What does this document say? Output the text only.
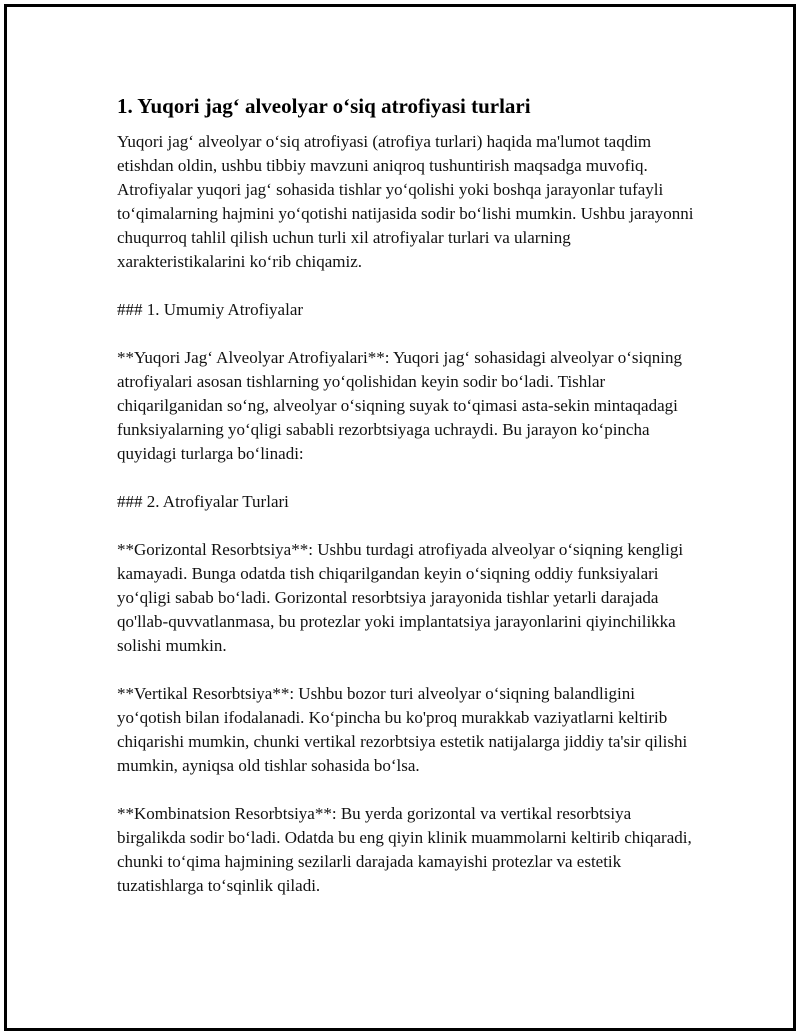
1. Yuqori jag‘ alveolyar o‘siq atrofiyasi turlari

Yuqori jag‘ alveolyar o‘siq atrofiyasi (atrofiya turlari) haqida ma'lumot taqdim etishdan oldin, ushbu tibbiy mavzuni aniqroq tushuntirish maqsadga muvofiq. Atrofiyalar yuqori jag‘ sohasida tishlar yo‘qolishi yoki boshqa jarayonlar tufayli to‘qimalarning hajmini yo‘qotishi natijasida sodir bo‘lishi mumkin. Ushbu jarayonni chuqurroq tahlil qilish uchun turli xil atrofiyalar turlari va ularning xarakteristikalarini ko‘rib chiqamiz.

### 1. Umumiy Atrofiyalar

**Yuqori Jag‘ Alveolyar Atrofiyalari**: Yuqori jag‘ sohasidagi alveolyar o‘siqning atrofiyalari asosan tishlarning yo‘qolishidan keyin sodir bo‘ladi. Tishlar chiqarilganidan so‘ng, alveolyar o‘siqning suyak to‘qimasi asta-sekin mintaqadagi funksiyalarning yo‘qligi sababli rezorbtsiyaga uchraydi. Bu jarayon ko‘pincha quyidagi turlarga bo‘linadi:

### 2. Atrofiyalar Turlari

**Gorizontal Resorbtsiya**: Ushbu turdagi atrofiyada alveolyar o‘siqning kengligi kamayadi. Bunga odatda tish chiqarilgandan keyin o‘siqning oddiy funksiyalari yo‘qligi sabab bo‘ladi. Gorizontal resorbtsiya jarayonida tishlar yetarli darajada qo'llab-quvvatlanmasa, bu protezlar yoki implantatsiya jarayonlarini qiyinchilikka solishi mumkin.

**Vertikal Resorbtsiya**: Ushbu bozor turi alveolyar o‘siqning balandligini yo‘qotish bilan ifodalanadi. Ko‘pincha bu ko'proq murakkab vaziyatlarni keltirib chiqarishi mumkin, chunki vertikal rezorbtsiya estetik natijalarga jiddiy ta'sir qilishi mumkin, ayniqsa old tishlar sohasida bo‘lsa.

**Kombinatsion Resorbtsiya**: Bu yerda gorizontal va vertikal resorbtsiya birgalikda sodir bo‘ladi. Odatda bu eng qiyin klinik muammolarni keltirib chiqaradi, chunki to‘qima hajmining sezilarli darajada kamayishi protezlar va estetik tuzatishlarga to‘sqinlik qiladi.
